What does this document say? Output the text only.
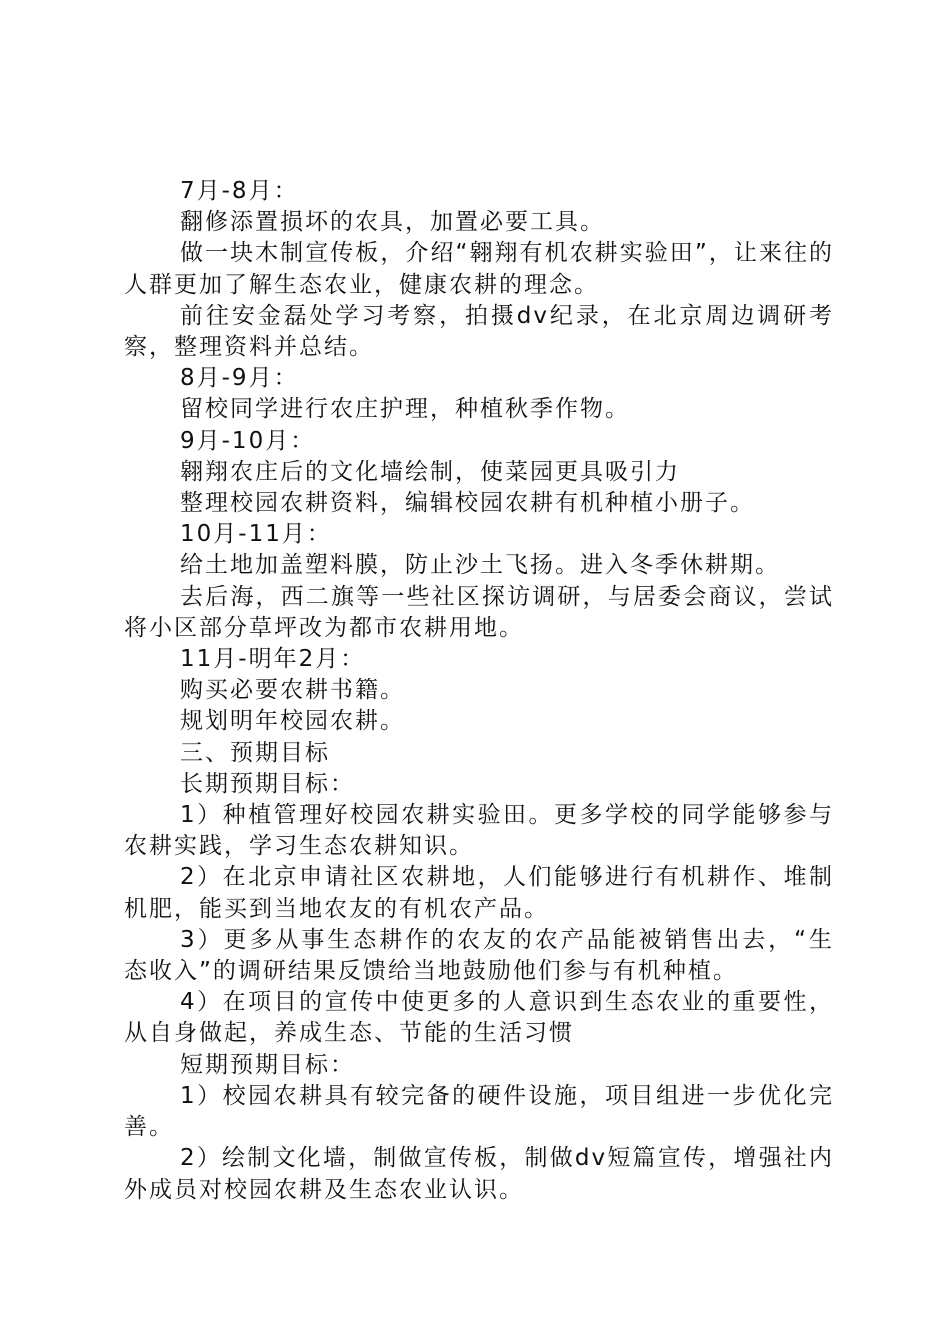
7月-8月：

翻修添置损坏的农具，加置必要工具。

做一块木制宣传板，介绍“翱翔有机农耕实验田”，让来往的人群更加了解生态农业，健康农耕的理念。

前往安金磊处学习考察，拍摄dv纪录，在北京周边调研考察，整理资料并总结。

8月-9月：

留校同学进行农庄护理，种植秋季作物。

9月-10月：

翱翔农庄后的文化墙绘制，使菜园更具吸引力

整理校园农耕资料，编辑校园农耕有机种植小册子。

10月-11月：

给土地加盖塑料膜，防止沙土飞扬。进入冬季休耕期。

去后海，西二旗等一些社区探访调研，与居委会商议，尝试将小区部分草坪改为都市农耕用地。

11月-明年2月：

购买必要农耕书籍。

规划明年校园农耕。

三、预期目标

长期预期目标：

1）种植管理好校园农耕实验田。更多学校的同学能够参与农耕实践，学习生态农耕知识。

2）在北京申请社区农耕地，人们能够进行有机耕作、堆制机肥，能买到当地农友的有机农产品。

3）更多从事生态耕作的农友的农产品能被销售出去，“生态收入”的调研结果反馈给当地鼓励他们参与有机种植。

4）在项目的宣传中使更多的人意识到生态农业的重要性，从自身做起，养成生态、节能的生活习惯

短期预期目标：

1）校园农耕具有较完备的硬件设施，项目组进一步优化完善。

2）绘制文化墙，制做宣传板，制做dv短篇宣传，增强社内外成员对校园农耕及生态农业认识。
